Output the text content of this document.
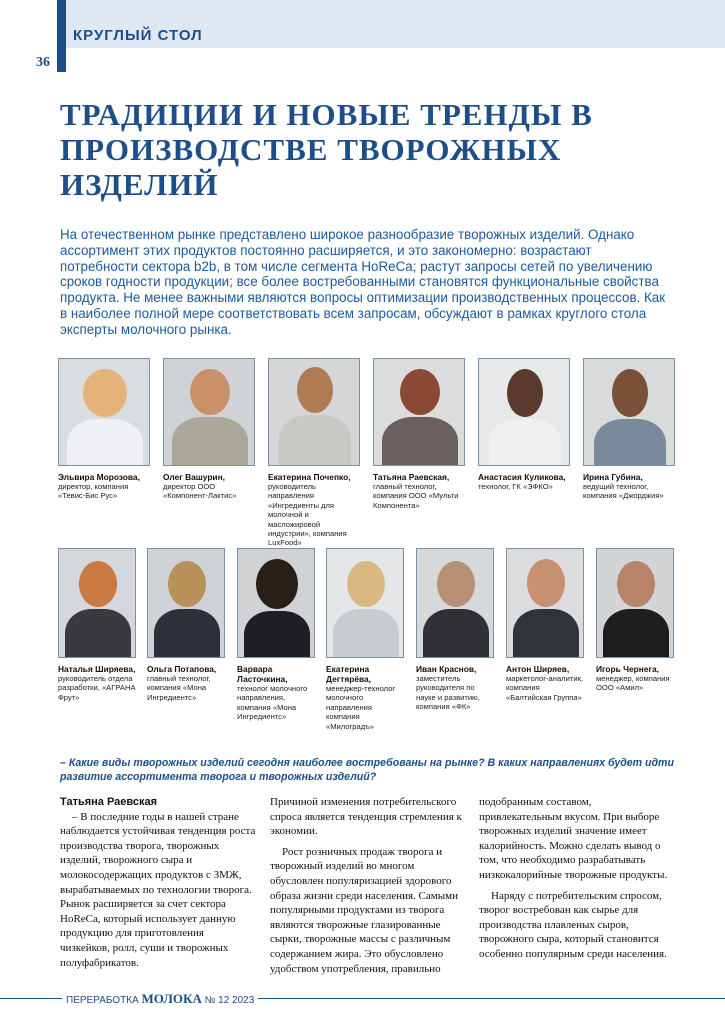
КРУГЛЫЙ СТОЛ
36
ТРАДИЦИИ И НОВЫЕ ТРЕНДЫ В ПРОИЗВОДСТВЕ ТВОРОЖНЫХ ИЗДЕЛИЙ
На отечественном рынке представлено широкое разнообразие творожных изделий. Однако ассортимент этих продуктов постоянно расширяется, и это закономерно: возрастают потребности сектора b2b, в том числе сегмента HoReCa; растут запросы сетей по увеличению сроков годности продукции; все более востребованными становятся функциональные свойства продукта. Не менее важными являются вопросы оптимизации производственных процессов. Как в наиболее полной мере соответствовать всем запросам, обсуждают в рамках круглого стола эксперты молочного рынка.
Эльвира Морозова,
директор, компания «Тевис-Бис Рус»
Олег Вашурин,
директор ООО «Компонент-Лактис»
Екатерина Почепко,
руководитель направления «Ингредиенты для молочной и масложировой индустрии», компания LuxFood»
Татьяна Раевская,
главный технолог, компания ООО «Мульти Компонента»
Анастасия Куликова,
технолог, ГК «ЭФКО»
Ирина Губина,
ведущий технолог, компания «Джорджия»
Наталья Ширяева,
руководитель отдела разработки, «АГРАНА Фрут»
Ольга Потапова,
главный технолог, компания «Мона Ингредиентс»
Варвара Ласточкина,
технолог молочного направления, компания «Мона Ингредиентс»
Екатерина Дегтярёва,
менеджер-технолог молочного направления компания «Милоградъ»
Иван Краснов,
заместитель руководителя по науке и развитию, компания «ФК»
Антон Ширяев,
маркетолог-аналитик, компания «Балтийская Группа»
Игорь Чернега,
менеджер, компания ООО «Амил»
– Какие виды творожных изделий сегодня наиболее востребованы на рынке? В каких направлениях будет идти развитие ассортимента творога и творожных изделий?

Татьяна Раевская

– В последние годы в нашей стране наблюдается устойчивая тенденция роста производства творога, творожных изделий, творожного сыра и молокосодержащих продуктов с ЗМЖ, вырабатываемых по технологии творога. Рынок расширяется за счет сектора HoReCa, который использует данную продукцию для приготовления чизкейков, ролл, суши и творожных полуфабрикатов.

Причиной изменения потребительского спроса является тенденция стремления к экономии.

Рост розничных продаж творога и творожный изделий во многом обусловлен популяризацией здорового образа жизни среди населения. Самыми популярными продуктами из творога являются творожные глазированные сырки, творожные массы с различным содержанием жира. Это обусловлено удобством употребления, правильно

подобранным составом, привлекательным вкусом. При выборе творожных изделий значение имеет калорийность. Можно сделать вывод о том, что необходимо разрабатывать низкокалорийные творожные продукты.

Наряду с потребительским спросом, творог востребован как сырье для производства плавленых сыров, творожного сыра, который становится особенно популярным среди населения.

ПЕРЕРАБОТКА МОЛОКА № 12 2023
